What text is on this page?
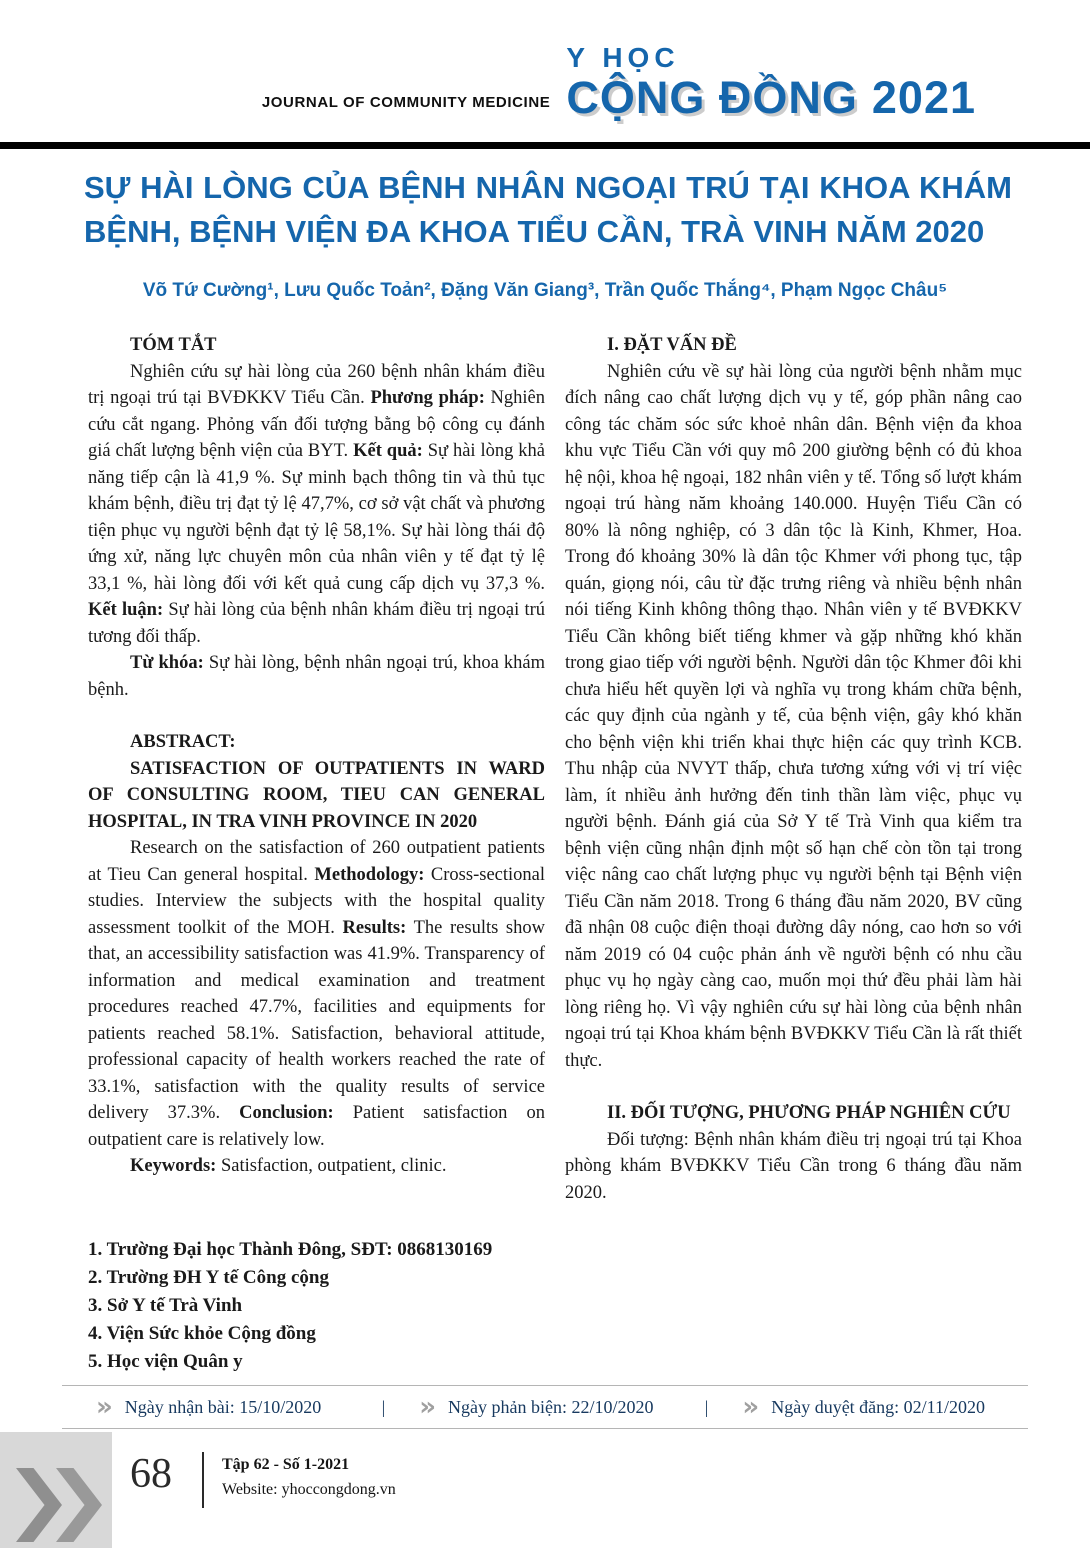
JOURNAL OF COMMUNITY MEDICINE
Y HỌC
CỘNG ĐỒNG 2021
SỰ HÀI LÒNG CỦA BỆNH NHÂN NGOẠI TRÚ TẠI KHOA KHÁM BỆNH, BỆNH VIỆN ĐA KHOA TIỂU CẦN, TRÀ VINH NĂM 2020
Võ Tứ Cường¹, Lưu Quốc Toản², Đặng Văn Giang³, Trần Quốc Thắng⁴, Phạm Ngọc Châu⁵

TÓM TẮT

Nghiên cứu sự hài lòng của 260 bệnh nhân khám điều trị ngoại trú tại BVĐKKV Tiểu Cần. Phương pháp: Nghiên cứu cắt ngang. Phỏng vấn đối tượng bằng bộ công cụ đánh giá chất lượng bệnh viện của BYT. Kết quả: Sự hài lòng khả năng tiếp cận là 41,9 %. Sự minh bạch thông tin và thủ tục khám bệnh, điều trị đạt tỷ lệ 47,7%, cơ sở vật chất và phương tiện phục vụ người bệnh đạt tỷ lệ 58,1%. Sự hài lòng thái độ ứng xử, năng lực chuyên môn của nhân viên y tế đạt tỷ lệ 33,1 %, hài lòng đối với kết quả cung cấp dịch vụ 37,3 %. Kết luận: Sự hài lòng của bệnh nhân khám điều trị ngoại trú tương đối thấp.

Từ khóa: Sự hài lòng, bệnh nhân ngoại trú, khoa khám bệnh.

ABSTRACT:

SATISFACTION OF OUTPATIENTS IN WARD OF CONSULTING ROOM, TIEU CAN GENERAL HOSPITAL, IN TRA VINH PROVINCE IN 2020

Research on the satisfaction of 260 outpatient patients at Tieu Can general hospital. Methodology: Cross-sectional studies. Interview the subjects with the hospital quality assessment toolkit of the MOH. Results: The results show that, an accessibility satisfaction was 41.9%. Transparency of information and medical examination and treatment procedures reached 47.7%, facilities and equipments for patients reached 58.1%. Satisfaction, behavioral attitude, professional capacity of health workers reached the rate of 33.1%, satisfaction with the quality results of service delivery 37.3%. Conclusion: Patient satisfaction on outpatient care is relatively low.

Keywords: Satisfaction, outpatient, clinic.

I. ĐẶT VẤN ĐỀ

Nghiên cứu về sự hài lòng của người bệnh nhằm mục đích nâng cao chất lượng dịch vụ y tế, góp phần nâng cao công tác chăm sóc sức khoẻ nhân dân. Bệnh viện đa khoa khu vực Tiểu Cần với quy mô 200 giường bệnh có đủ khoa hệ nội, khoa hệ ngoại, 182 nhân viên y tế. Tổng số lượt khám ngoại trú hàng năm khoảng 140.000. Huyện Tiểu Cần có 80% là nông nghiệp, có 3 dân tộc là Kinh, Khmer, Hoa. Trong đó khoảng 30% là dân tộc Khmer với phong tục, tập quán, giọng nói, câu từ đặc trưng riêng và nhiều bệnh nhân nói tiếng Kinh không thông thạo. Nhân viên y tế BVĐKKV Tiểu Cần không biết tiếng khmer và gặp những khó khăn trong giao tiếp với người bệnh. Người dân tộc Khmer đôi khi chưa hiểu hết quyền lợi và nghĩa vụ trong khám chữa bệnh, các quy định của ngành y tế, của bệnh viện, gây khó khăn cho bệnh viện khi triển khai thực hiện các quy trình KCB. Thu nhập của NVYT thấp, chưa tương xứng với vị trí việc làm, ít nhiều ảnh hưởng đến tinh thần làm việc, phục vụ người bệnh. Đánh giá của Sở Y tế Trà Vinh qua kiểm tra bệnh viện cũng nhận định một số hạn chế còn tồn tại trong việc nâng cao chất lượng phục vụ người bệnh tại Bệnh viện Tiểu Cần năm 2018. Trong 6 tháng đầu năm 2020, BV cũng đã nhận 08 cuộc điện thoại đường dây nóng, cao hơn so với năm 2019 có 04 cuộc phản ánh về người bệnh có nhu cầu phục vụ họ ngày càng cao, muốn mọi thứ đều phải làm hài lòng riêng họ. Vì vậy nghiên cứu sự hài lòng của bệnh nhân ngoại trú tại Khoa khám bệnh BVĐKKV Tiểu Cần là rất thiết thực.

II. ĐỐI TƯỢNG, PHƯƠNG PHÁP NGHIÊN CỨU

Đối tượng: Bệnh nhân khám điều trị ngoại trú tại Khoa phòng khám BVĐKKV Tiểu Cần trong 6 tháng đầu năm 2020.

1. Trường Đại học Thành Đông, SĐT: 0868130169
2. Trường ĐH Y tế Công cộng
3. Sở Y tế Trà Vinh
4. Viện Sức khỏe Cộng đồng
5. Học viện Quân y
» Ngày nhận bài: 15/10/2020	| » Ngày phản biện: 22/10/2020	| » Ngày duyệt đăng: 02/11/2020
68	Tập 62 - Số 1-2021
Website: yhoccongdong.vn
